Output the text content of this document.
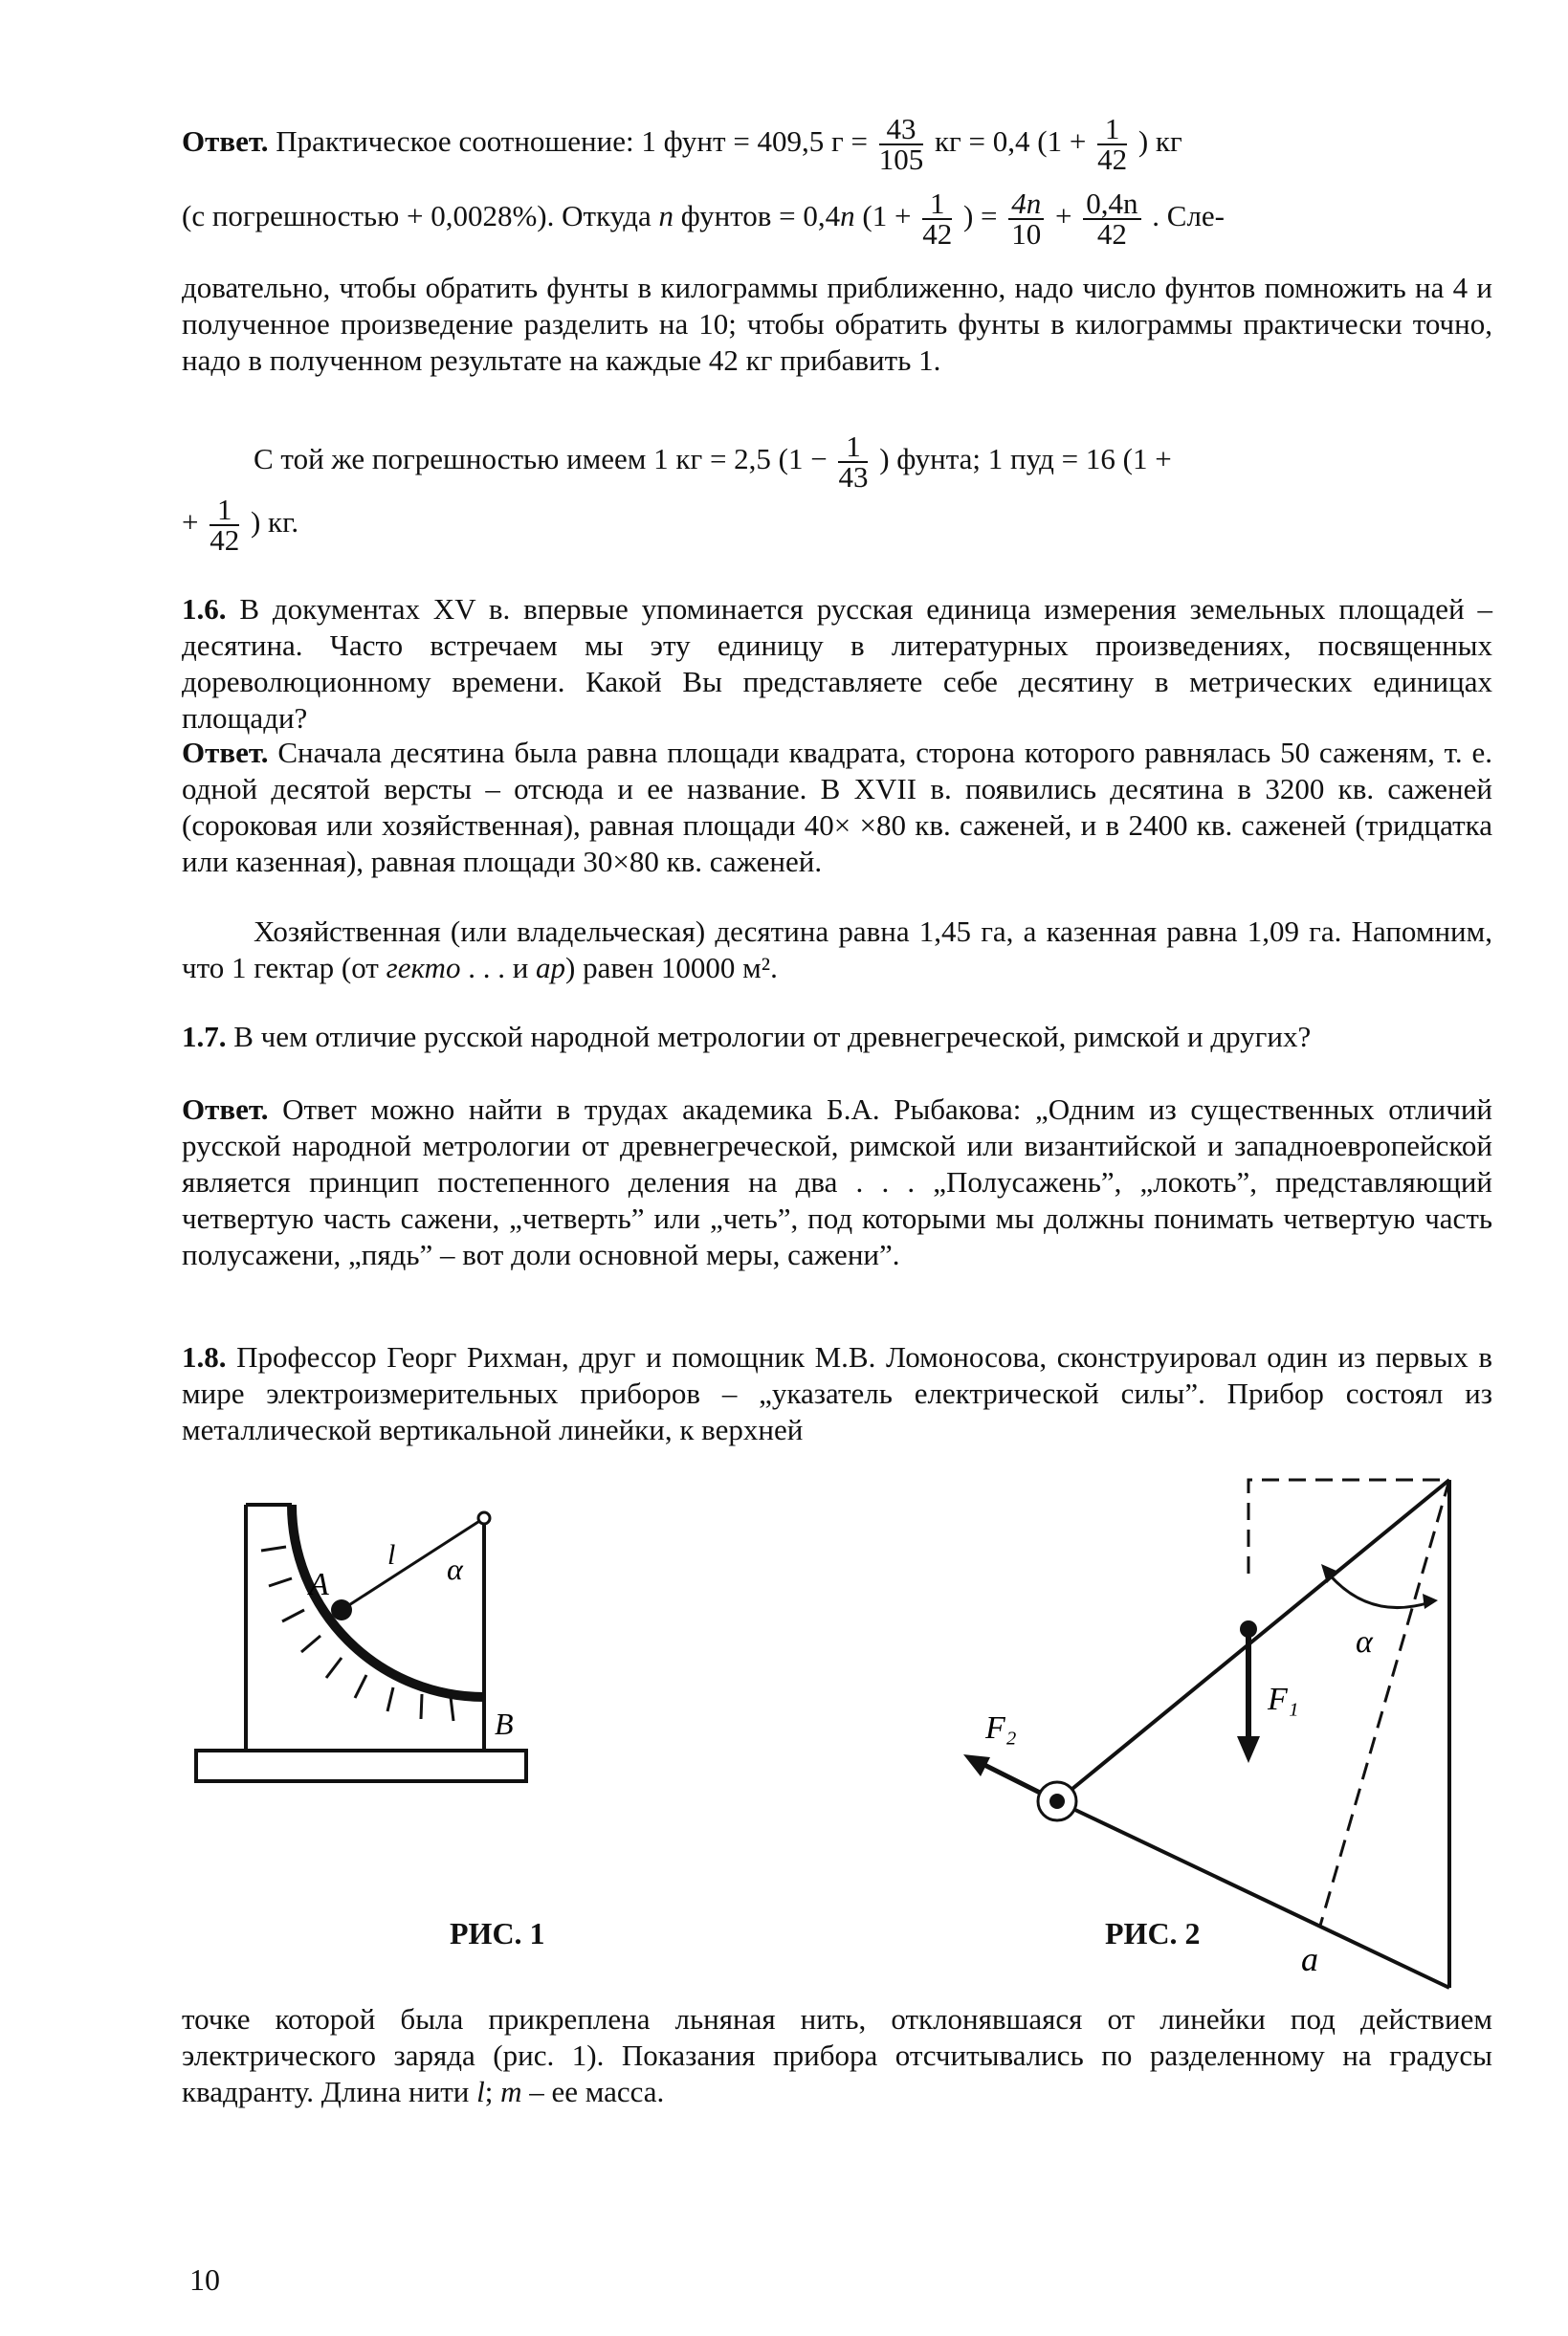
Ответ. Практическое соотношение: 1 фунт = 409,5 $г = \frac{43}{105}$ кг = 0,4 ($1 + \frac{1}{42}$ ) кг
(с погрешностью + 0,0028%). Откуда n фунтов = 0,4n ($1 + \frac{1}{42}$ ) = $\frac{4n}{10} + \frac{0,4n}{42}$ . Сле-
довательно, чтобы обратить фунты в килограммы приближенно, надо число фунтов помножить на 4 и полученное произведение разделить на 10; чтобы обратить фунты в килограммы практически точно, надо в полученном результате на каждые 42 кг прибавить 1.
С той же погрешностью имеем 1 кг = 2,5 ($1 - \frac{1}{43}$ ) фунта; 1 пуд = 16 (1 +
+ $\frac{1}{42}$ ) кг.
1.6. В документах XV в. впервые упоминается русская единица измерения земельных площадей – десятина. Часто встречаем мы эту единицу в литературных произведениях, посвященных дореволюционному времени. Какой Вы представляете себе десятину в метрических единицах площади?
Ответ. Сначала десятина была равна площади квадрата, сторона которого равнялась 50 саженям, т. е. одной десятой версты – отсюда и ее название. В XVII в. появились десятина в 3200 кв. саженей (сороковая или хозяйственная), равная площади 40× ×80 кв. саженей, и в 2400 кв. саженей (тридцатка или казенная), равная площади 30×80 кв. саженей.
Хозяйственная (или владельческая) десятина равна 1,45 га, а казенная равна 1,09 га. Напомним, что 1 гектар (от гекто . . . и ар) равен 10000 м².
1.7. В чем отличие русской народной метрологии от древнегреческой, римской и других?
Ответ. Ответ можно найти в трудах академика Б.А. Рыбакова: „Одним из существенных отличий русской народной метрологии от древнегреческой, римской или византийской и западноевропейской является принцип постепенного деления на два . . . „Полусажень”, „локоть”, представляющий четвертую часть сажени, „четверть” или „четь”, под которыми мы должны понимать четвертую часть полусажени, „пядь” – вот доли основной меры, сажени”.
1.8. Профессор Георг Рихман, друг и помощник М.В. Ломоносова, сконструировал один из первых в мире электроизмерительных приборов – „указатель електрической силы”. Прибор состоял из металлической вертикальной линейки, к верхней
A
l α
B
α
F₁
F₂
a
РИС. 1	РИС. 2
точке которой была прикреплена льняная нить, отклонявшаяся от линейки под действием электрического заряда (рис. 1). Показания прибора отсчитывались по разделенному на градусы квадранту. Длина нити l; m – ее масса.
10
